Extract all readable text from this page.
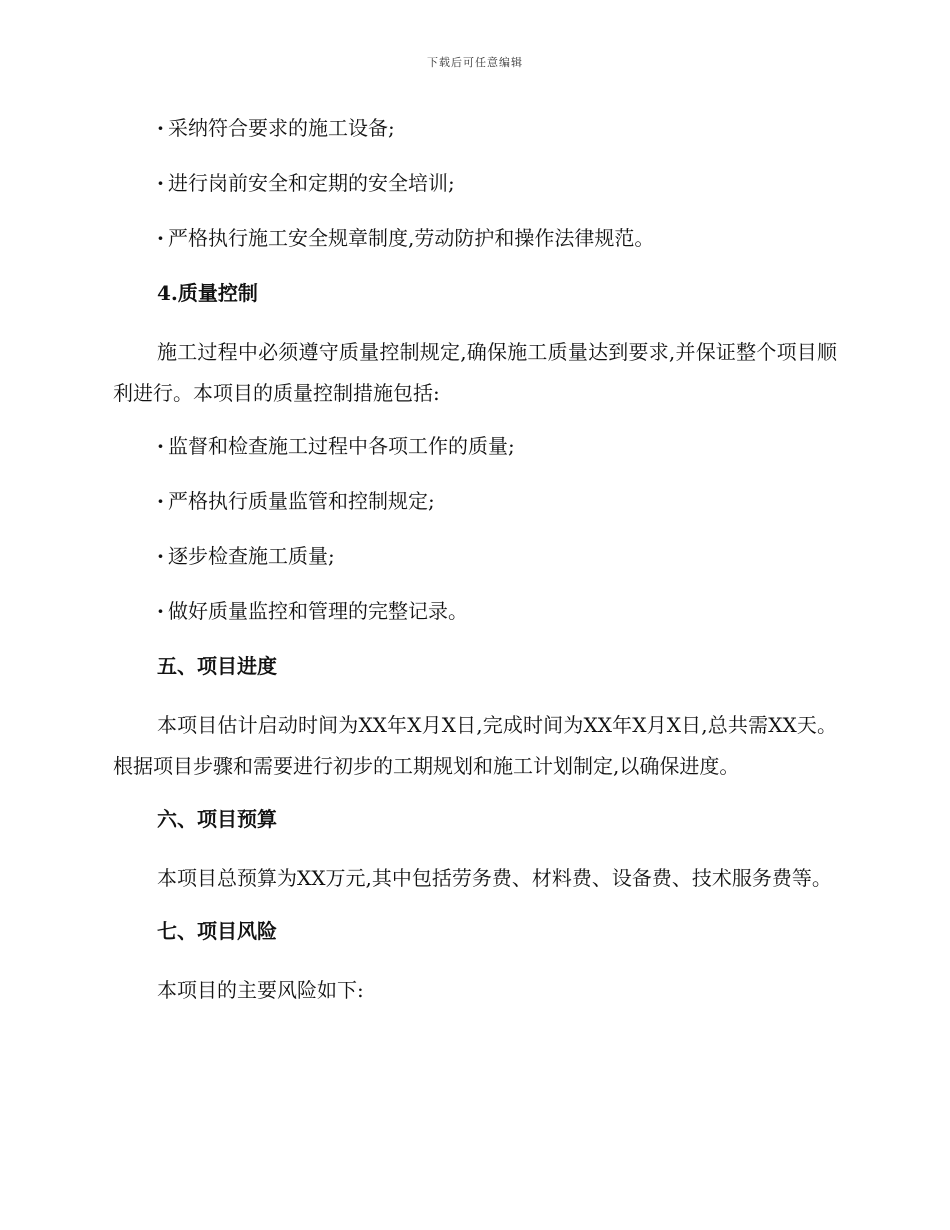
下载后可任意编辑
· 采纳符合要求的施工设备;
· 进行岗前安全和定期的安全培训;
· 严格执行施工安全规章制度,劳动防护和操作法律规范。
4.质量控制
施工过程中必须遵守质量控制规定,确保施工质量达到要求,并保证整个项目顺利进行。本项目的质量控制措施包括:
· 监督和检查施工过程中各项工作的质量;
· 严格执行质量监管和控制规定;
· 逐步检查施工质量;
· 做好质量监控和管理的完整记录。
五、项目进度
本项目估计启动时间为XX年X月X日,完成时间为XX年X月X日,总共需XX天。根据项目步骤和需要进行初步的工期规划和施工计划制定,以确保进度。
六、项目预算
本项目总预算为XX万元,其中包括劳务费、材料费、设备费、技术服务费等。
七、项目风险
本项目的主要风险如下:
